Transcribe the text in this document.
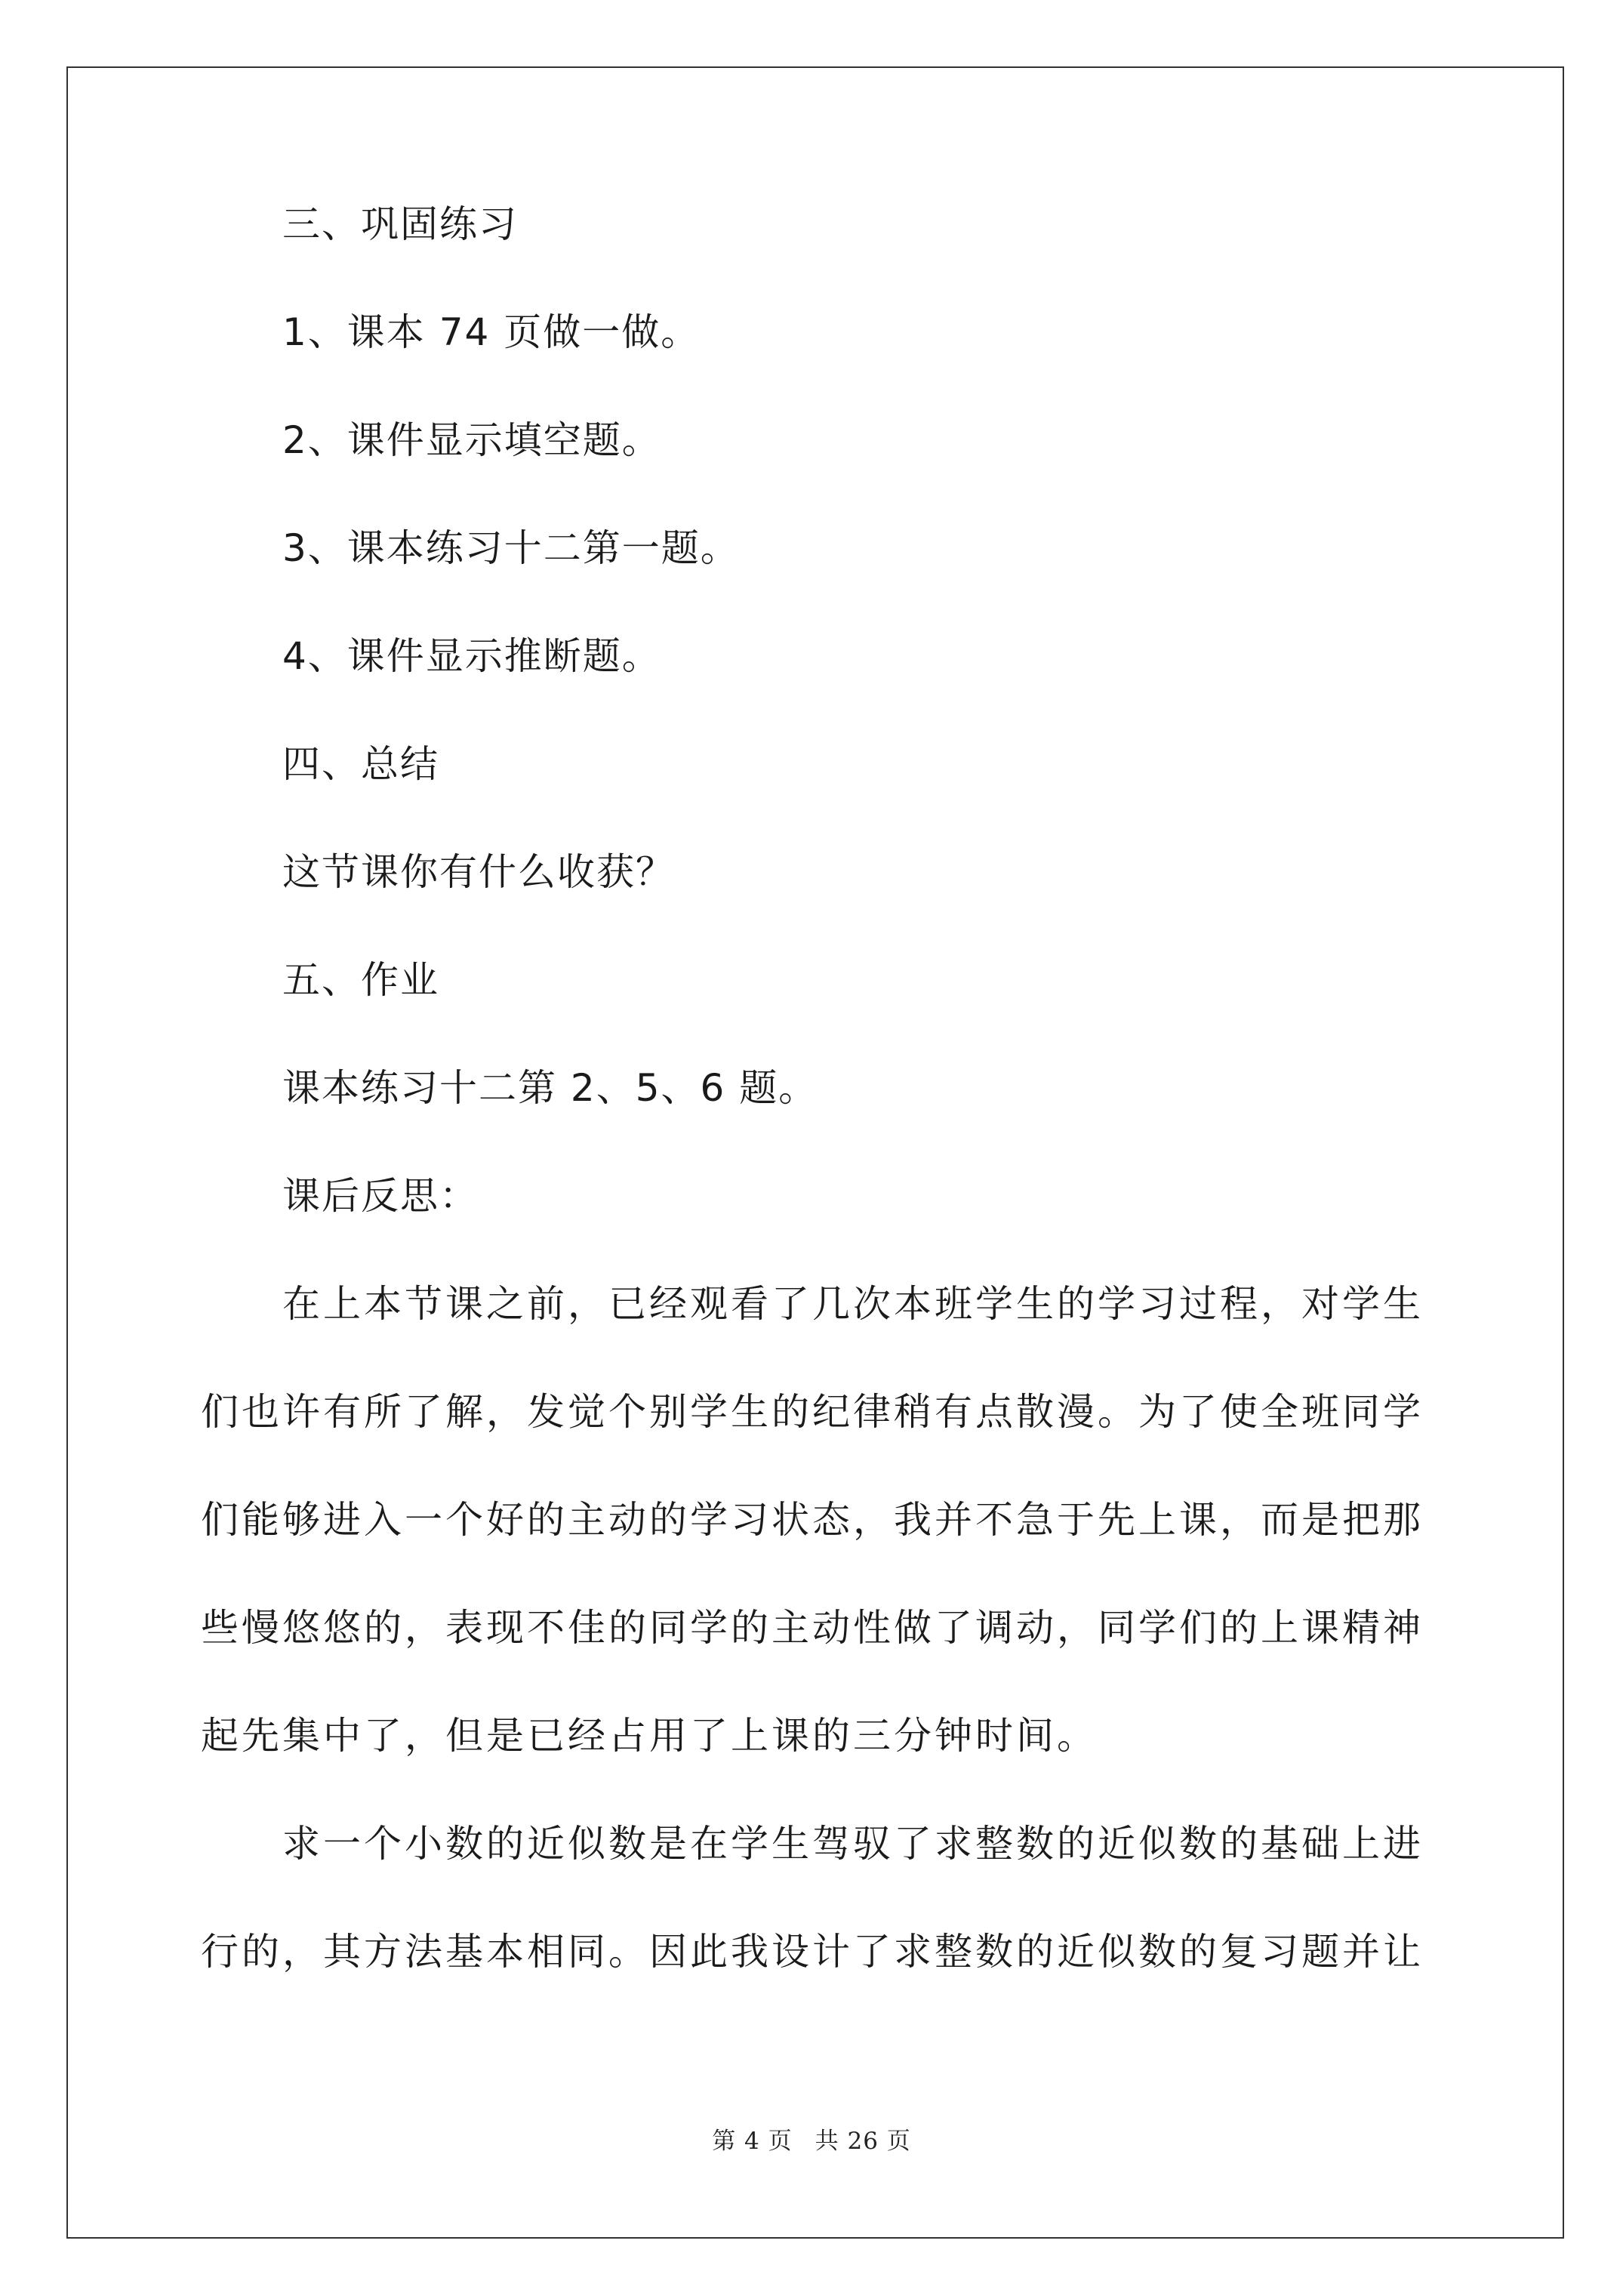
三、巩固练习
1、课本 74 页做一做。
2、课件显示填空题。
3、课本练习十二第一题。
4、课件显示推断题。
四、总结
这节课你有什么收获？
五、作业
课本练习十二第 2、5、6 题。
课后反思：
在上本节课之前，已经观看了几次本班学生的学习过程，对学生
们也许有所了解，发觉个别学生的纪律稍有点散漫。为了使全班同学
们能够进入一个好的主动的学习状态，我并不急于先上课，而是把那
些慢悠悠的，表现不佳的同学的主动性做了调动，同学们的上课精神
起先集中了，但是已经占用了上课的三分钟时间。
求一个小数的近似数是在学生驾驭了求整数的近似数的基础上进
行的，其方法基本相同。因此我设计了求整数的近似数的复习题并让
第 4 页 共 26 页
